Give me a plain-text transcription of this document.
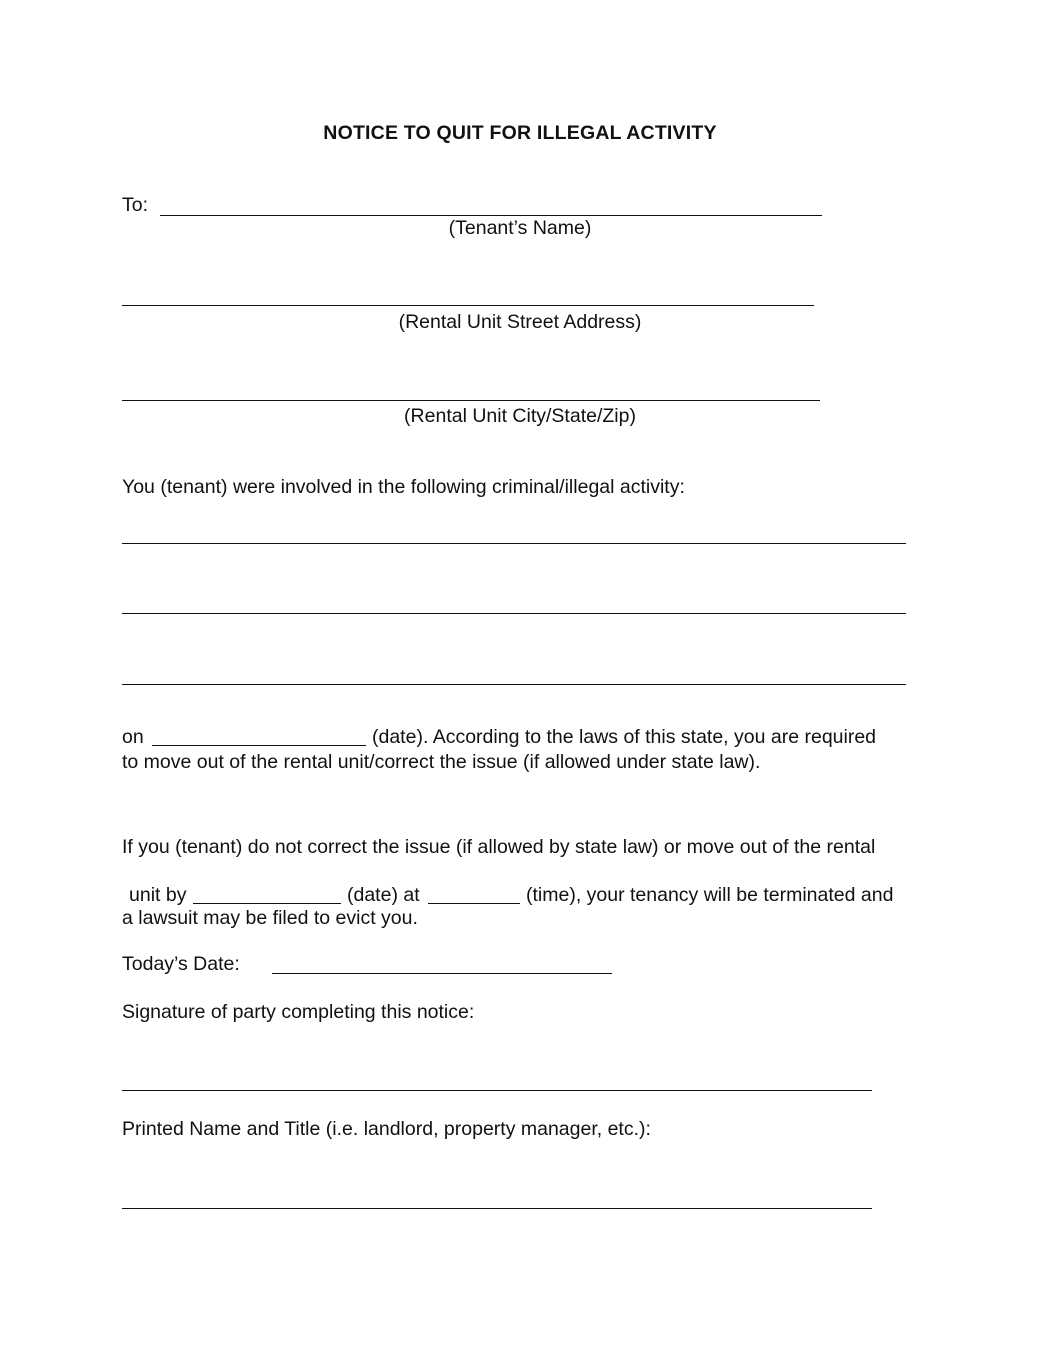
NOTICE TO QUIT FOR ILLEGAL ACTIVITY
To:
(Tenant’s Name)
(Rental Unit Street Address)
(Rental Unit City/State/Zip)
You (tenant) were involved in the following criminal/illegal activity:
on	(date). According to the laws of this state, you are required
to move out of the rental unit/correct the issue (if allowed under state law).
If you (tenant) do not correct the issue (if allowed by state law) or move out of the rental
unit by	(date) at	(time), your tenancy will be terminated and
a lawsuit may be filed to evict you.
Today’s Date:
Signature of party completing this notice:
Printed Name and Title (i.e. landlord, property manager, etc.):
